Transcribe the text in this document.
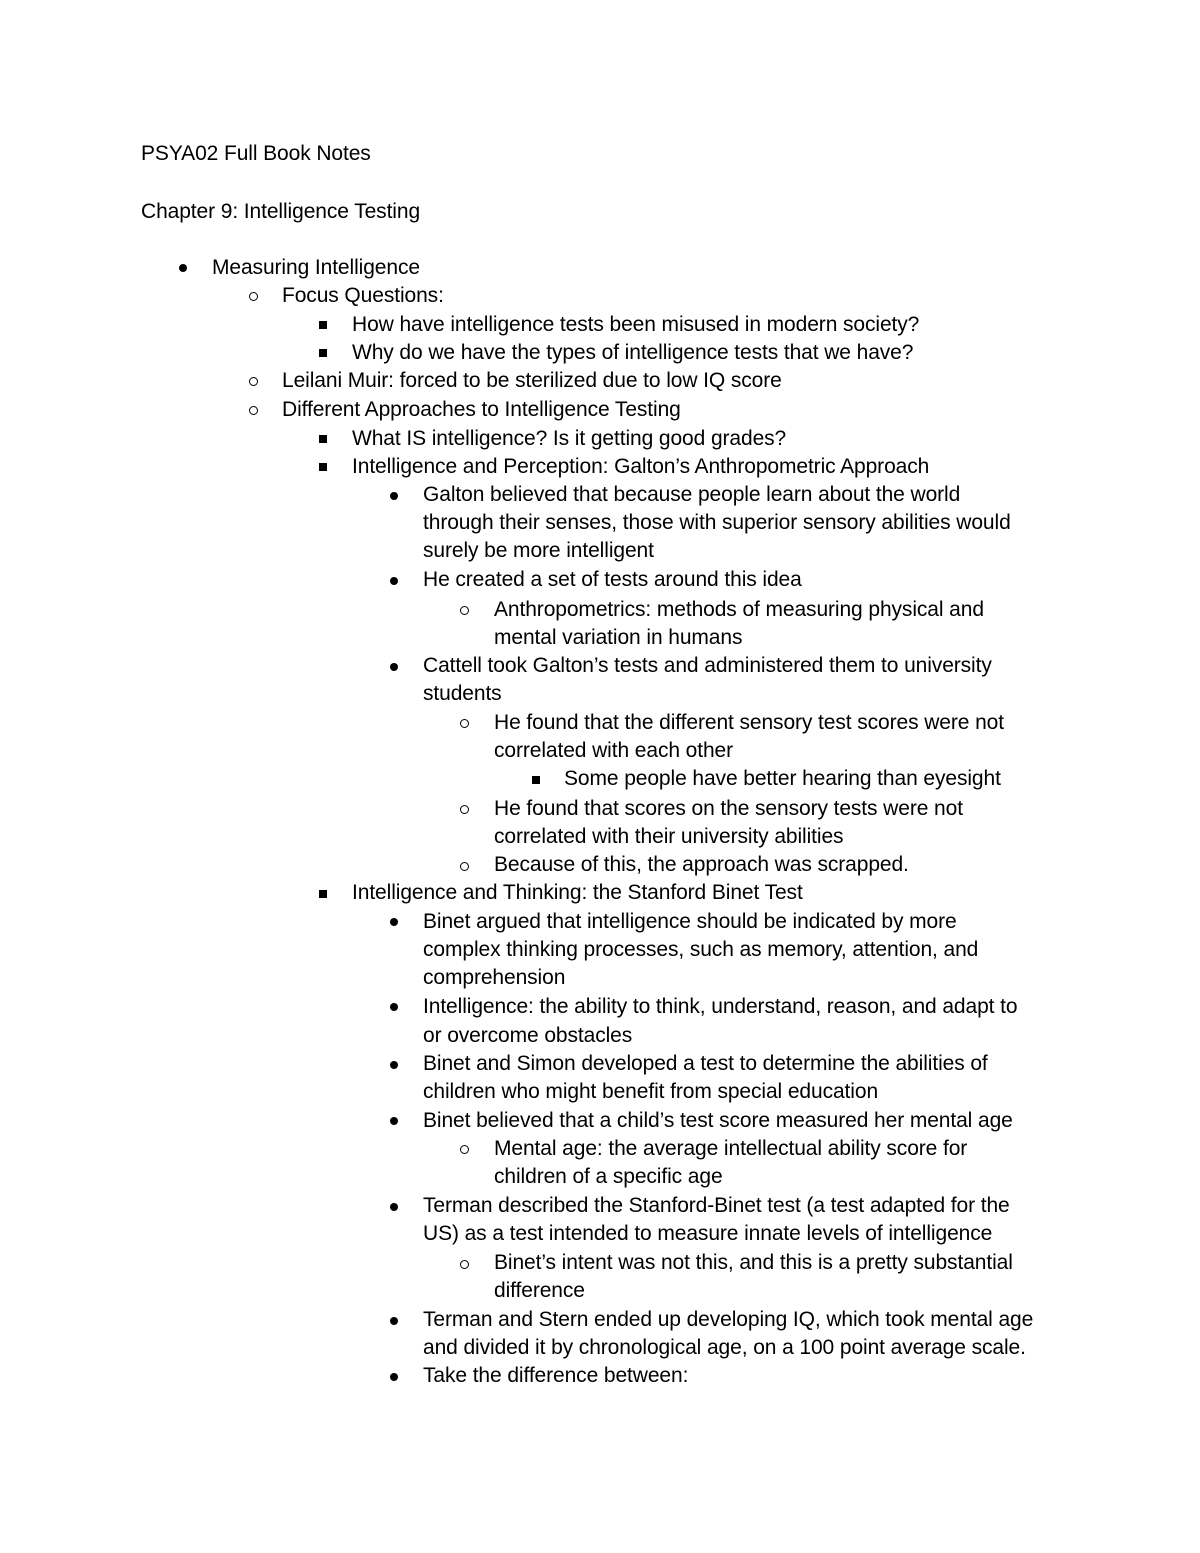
PSYA02 Full Book Notes
Chapter 9: Intelligence Testing
Measuring Intelligence
Focus Questions:
How have intelligence tests been misused in modern society?
Why do we have the types of intelligence tests that we have?
Leilani Muir: forced to be sterilized due to low IQ score
Different Approaches to Intelligence Testing
What IS intelligence? Is it getting good grades?
Intelligence and Perception: Galton’s Anthropometric Approach
Galton believed that because people learn about the world
through their senses, those with superior sensory abilities would
surely be more intelligent
He created a set of tests around this idea
Anthropometrics: methods of measuring physical and
mental variation in humans
Cattell took Galton’s tests and administered them to university
students
He found that the different sensory test scores were not
correlated with each other
Some people have better hearing than eyesight
He found that scores on the sensory tests were not
correlated with their university abilities
Because of this, the approach was scrapped.
Intelligence and Thinking: the Stanford Binet Test
Binet argued that intelligence should be indicated by more
complex thinking processes, such as memory, attention, and
comprehension
Intelligence: the ability to think, understand, reason, and adapt to
or overcome obstacles
Binet and Simon developed a test to determine the abilities of
children who might benefit from special education
Binet believed that a child’s test score measured her mental age
Mental age: the average intellectual ability score for
children of a specific age
Terman described the Stanford-Binet test (a test adapted for the
US) as a test intended to measure innate levels of intelligence
Binet’s intent was not this, and this is a pretty substantial
difference
Terman and Stern ended up developing IQ, which took mental age
and divided it by chronological age, on a 100 point average scale.
Take the difference between:
